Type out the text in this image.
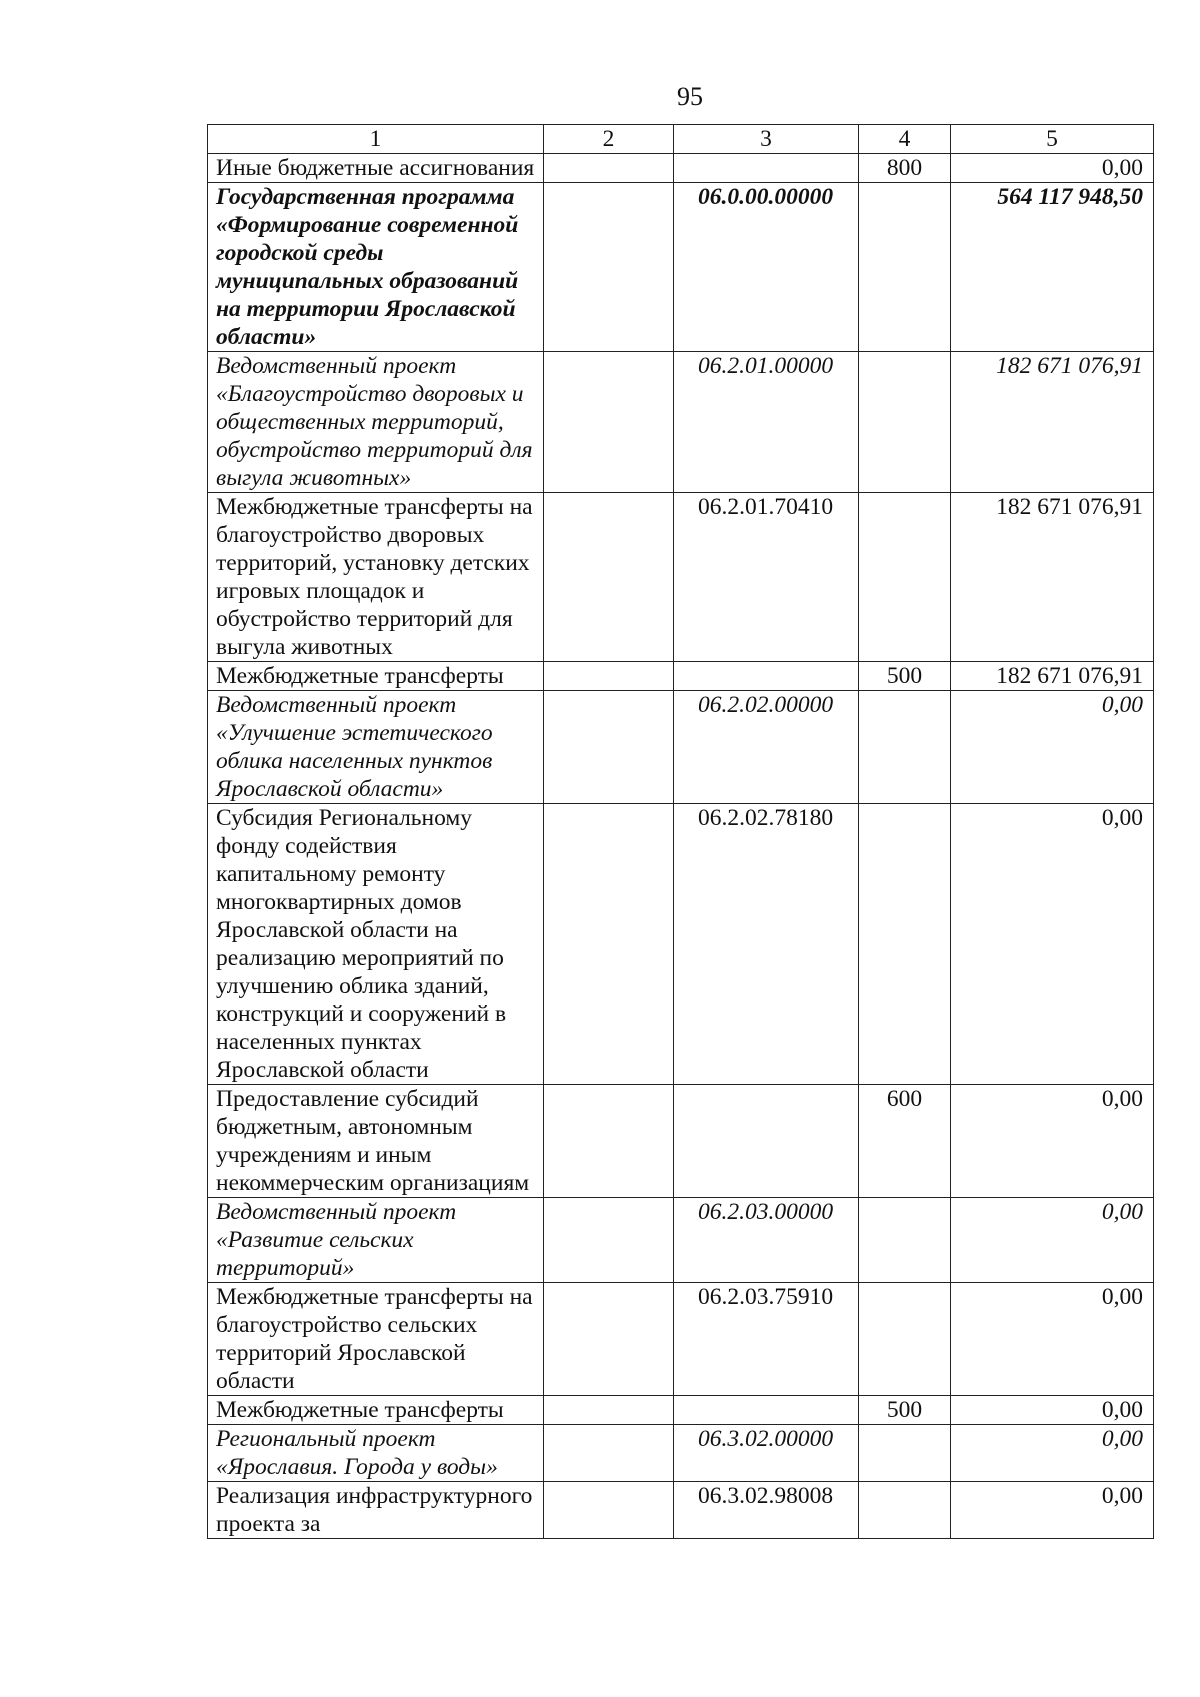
95
1	2	3	4	5
Иные бюджетные ассигнования			800	0,00
Государственная программа «Формирование современной городской среды муниципальных образований на территории Ярославской области»		06.0.00.00000		564 117 948,50
Ведомственный проект «Благоустройство дворовых и общественных территорий, обустройство территорий для выгула животных»		06.2.01.00000		182 671 076,91
Межбюджетные трансферты на благоустройство дворовых территорий, установку детских игровых площадок и обустройство территорий для выгула животных		06.2.01.70410		182 671 076,91
Межбюджетные трансферты			500	182 671 076,91
Ведомственный проект «Улучшение эстетического облика населенных пунктов Ярославской области»		06.2.02.00000		0,00
Субсидия Региональному фонду содействия капитальному ремонту многоквартирных домов Ярославской области на реализацию мероприятий по улучшению облика зданий, конструкций и сооружений в населенных пунктах Ярославской области		06.2.02.78180		0,00
Предоставление субсидий бюджетным, автономным учреждениям и иным некоммерческим организациям			600	0,00
Ведомственный проект «Развитие сельских территорий»		06.2.03.00000		0,00
Межбюджетные трансферты на благоустройство сельских территорий Ярославской области		06.2.03.75910		0,00
Межбюджетные трансферты			500	0,00
Региональный проект «Ярославия. Города у воды»		06.3.02.00000		0,00
Реализация инфраструктурного проекта за		06.3.02.98008		0,00
